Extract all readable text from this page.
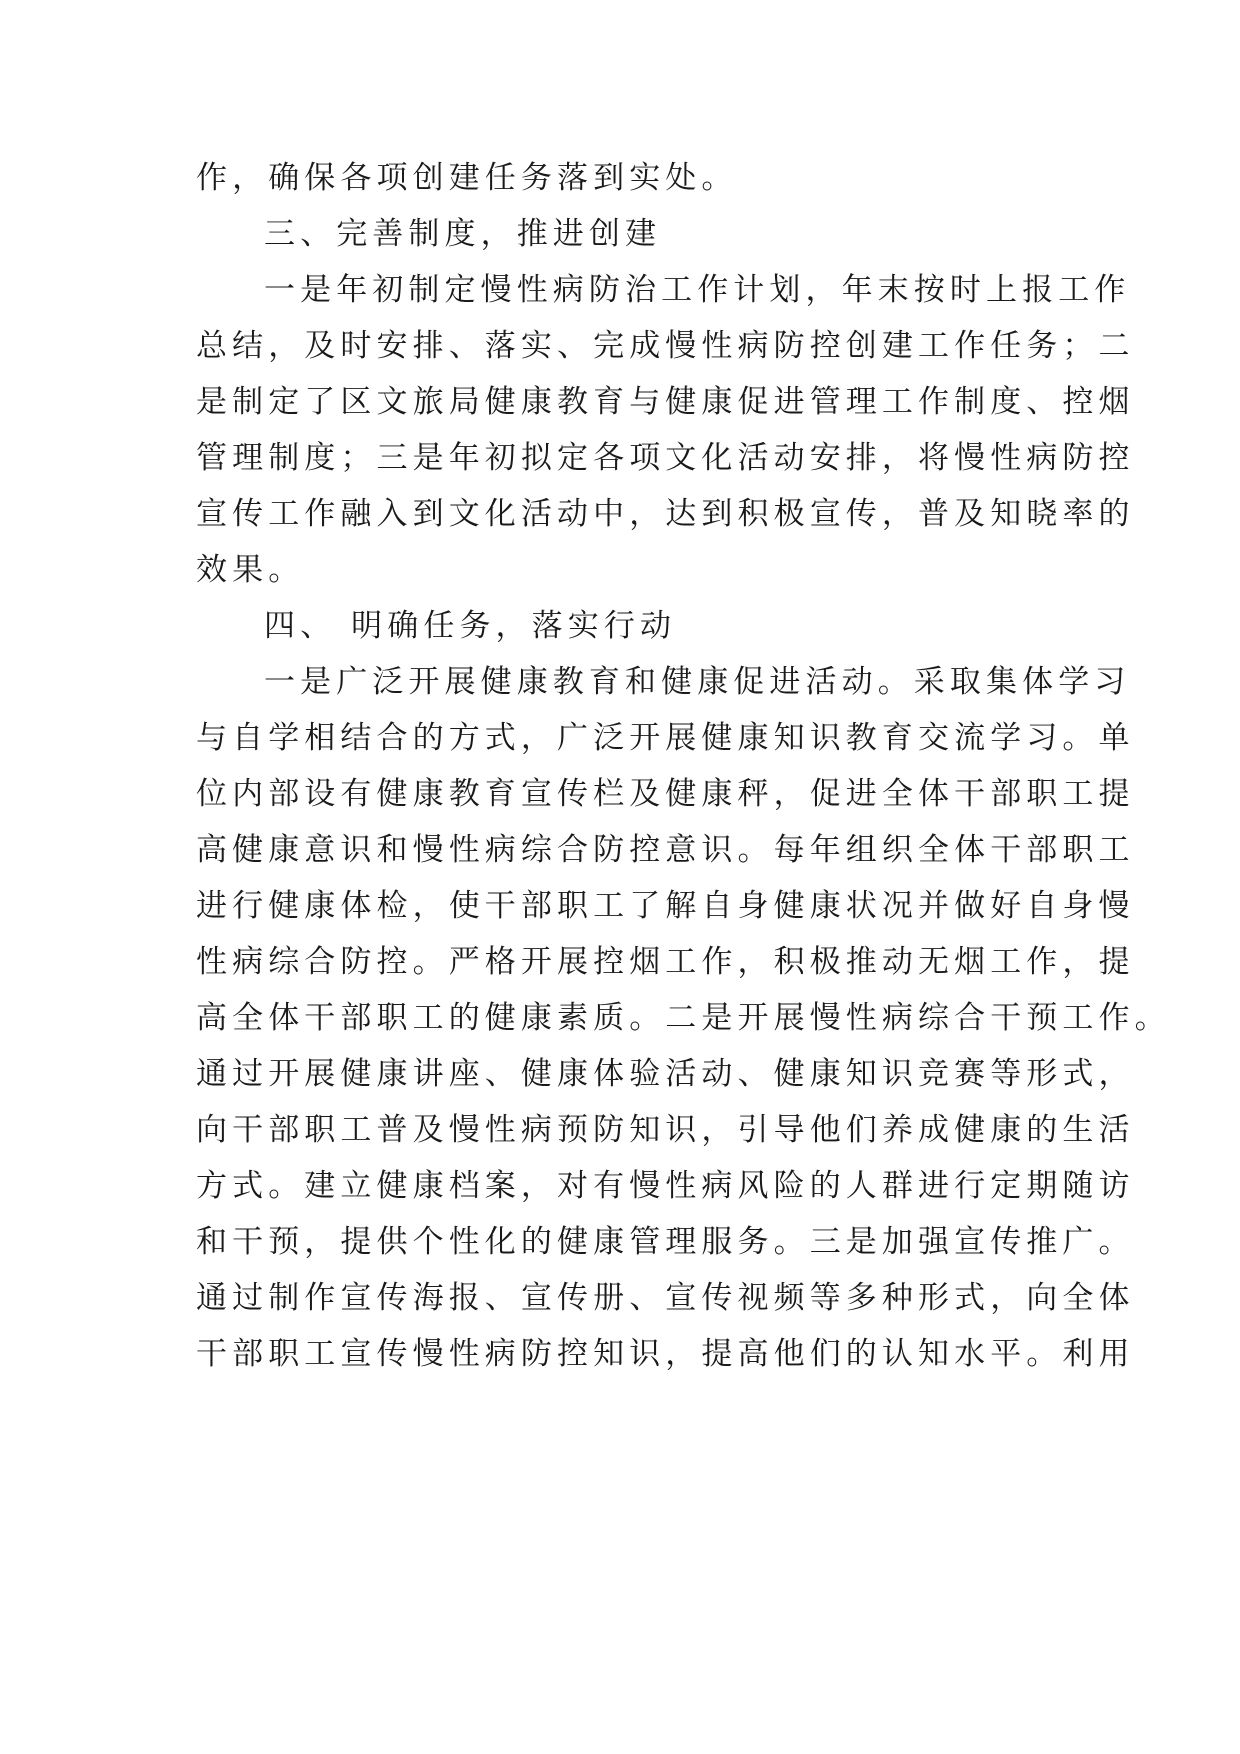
作，确保各项创建任务落到实处。
三、完善制度，推进创建
一是年初制定慢性病防治工作计划，年末按时上报工作
总结，及时安排、落实、完成慢性病防控创建工作任务；二
是制定了区文旅局健康教育与健康促进管理工作制度、控烟
管理制度；三是年初拟定各项文化活动安排，将慢性病防控
宣传工作融入到文化活动中，达到积极宣传，普及知晓率的
效果。
四、 明确任务，落实行动
一是广泛开展健康教育和健康促进活动。采取集体学习
与自学相结合的方式，广泛开展健康知识教育交流学习。单
位内部设有健康教育宣传栏及健康秤，促进全体干部职工提
高健康意识和慢性病综合防控意识。每年组织全体干部职工
进行健康体检，使干部职工了解自身健康状况并做好自身慢
性病综合防控。严格开展控烟工作，积极推动无烟工作，提
高全体干部职工的健康素质。二是开展慢性病综合干预工作。
通过开展健康讲座、健康体验活动、健康知识竞赛等形式，
向干部职工普及慢性病预防知识，引导他们养成健康的生活
方式。建立健康档案，对有慢性病风险的人群进行定期随访
和干预，提供个性化的健康管理服务。三是加强宣传推广。
通过制作宣传海报、宣传册、宣传视频等多种形式，向全体
干部职工宣传慢性病防控知识，提高他们的认知水平。利用
